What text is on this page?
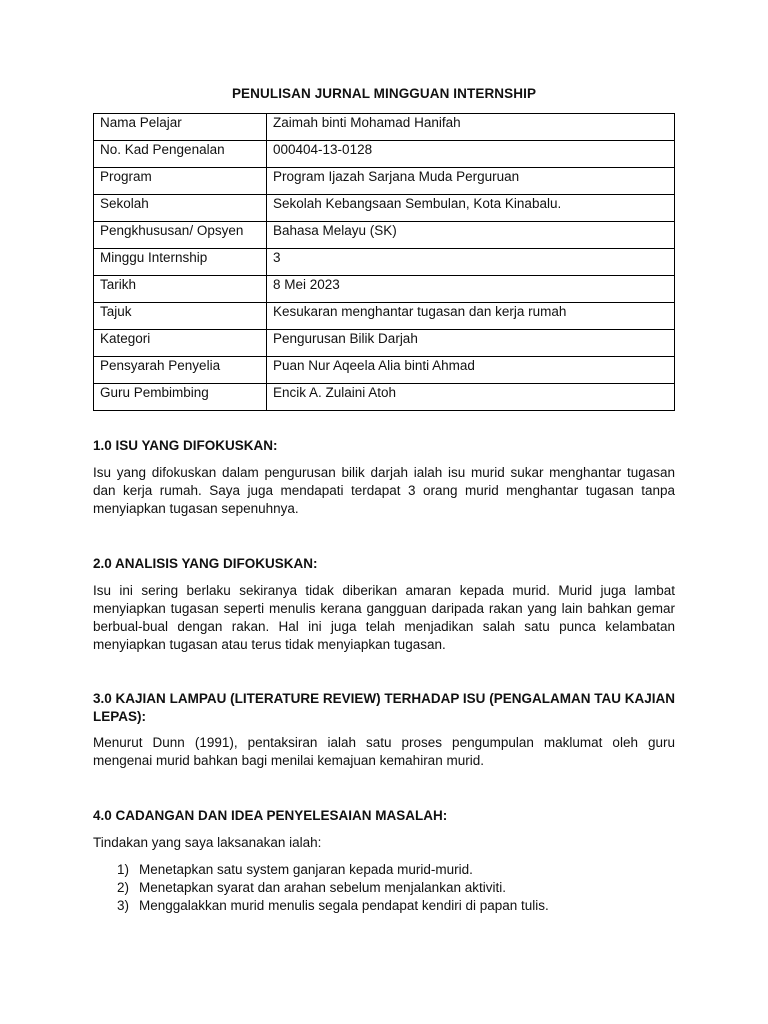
PENULISAN JURNAL MINGGUAN INTERNSHIP
Nama Pelajar	Zaimah binti Mohamad Hanifah
No. Kad Pengenalan	000404-13-0128
Program	Program Ijazah Sarjana Muda Perguruan
Sekolah	Sekolah Kebangsaan Sembulan, Kota Kinabalu.
Pengkhususan/ Opsyen	Bahasa Melayu (SK)
Minggu Internship	3
Tarikh	8 Mei 2023
Tajuk	Kesukaran menghantar tugasan dan kerja rumah
Kategori	Pengurusan Bilik Darjah
Pensyarah Penyelia	Puan Nur Aqeela Alia binti Ahmad
Guru Pembimbing	Encik A. Zulaini Atoh
1.0 ISU YANG DIFOKUSKAN:
Isu yang difokuskan dalam pengurusan bilik darjah ialah isu murid sukar menghantar tugasan dan kerja rumah. Saya juga mendapati terdapat 3 orang murid menghantar tugasan tanpa menyiapkan tugasan sepenuhnya.
2.0 ANALISIS YANG DIFOKUSKAN:
Isu ini sering berlaku sekiranya tidak diberikan amaran kepada murid. Murid juga lambat menyiapkan tugasan seperti menulis kerana gangguan daripada rakan yang lain bahkan gemar berbual-bual dengan rakan. Hal ini juga telah menjadikan salah satu punca kelambatan menyiapkan tugasan atau terus tidak menyiapkan tugasan.
3.0 KAJIAN LAMPAU (LITERATURE REVIEW) TERHADAP ISU (PENGALAMAN TAU KAJIAN LEPAS):
Menurut Dunn (1991), pentaksiran ialah satu proses pengumpulan maklumat oleh guru mengenai murid bahkan bagi menilai kemajuan kemahiran murid.
4.0 CADANGAN DAN IDEA PENYELESAIAN MASALAH:
Tindakan yang saya laksanakan ialah:
1) Menetapkan satu system ganjaran kepada murid-murid.
2) Menetapkan syarat dan arahan sebelum menjalankan aktiviti.
3) Menggalakkan murid menulis segala pendapat kendiri di papan tulis.
